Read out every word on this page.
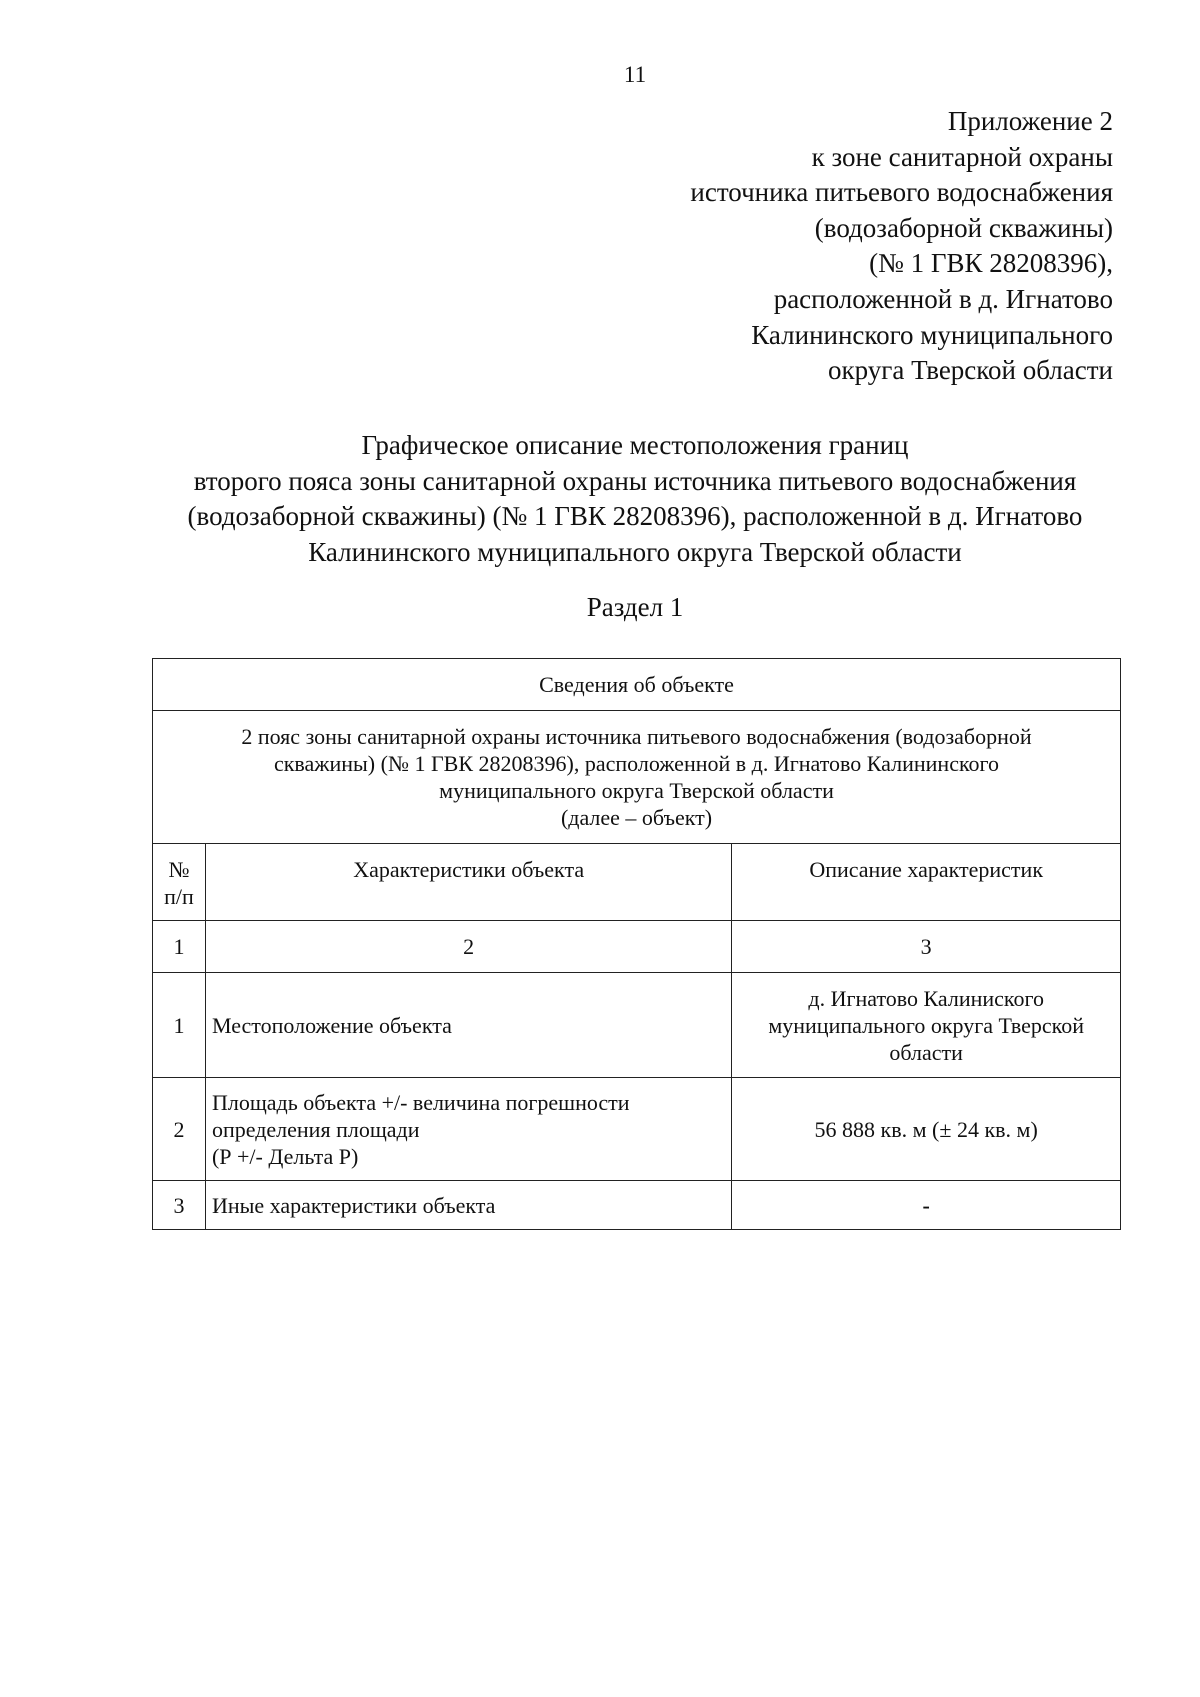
11
Приложение 2
к зоне санитарной охраны
источника питьевого водоснабжения
(водозаборной скважины)
(№ 1 ГВК 28208396),
расположенной в д. Игнатово
Калининского муниципального
округа Тверской области
Графическое описание местоположения границ
второго пояса зоны санитарной охраны источника питьевого водоснабжения
(водозаборной скважины) (№ 1 ГВК 28208396), расположенной в д. Игнатово
Калининского муниципального округа Тверской области
Раздел 1
Сведения об объекте		

2 пояс зоны санитарной охраны источника питьевого водоснабжения (водозаборной
скважины) (№ 1 ГВК 28208396), расположенной в д. Игнатово Калининского
муниципального округа Тверской области
(далее – объект)		

№
п/п	Характеристики объекта	Описание характеристик
1	2	3
1	Местоположение объекта	д. Игнатово Калиниского
муниципального округа Тверской
области

2	Площадь объекта +/- величина погрешности
определения площади
(Р +/- Дельта Р)	56 888 кв. м (± 24 кв. м)

3	Иные характеристики объекта	-
